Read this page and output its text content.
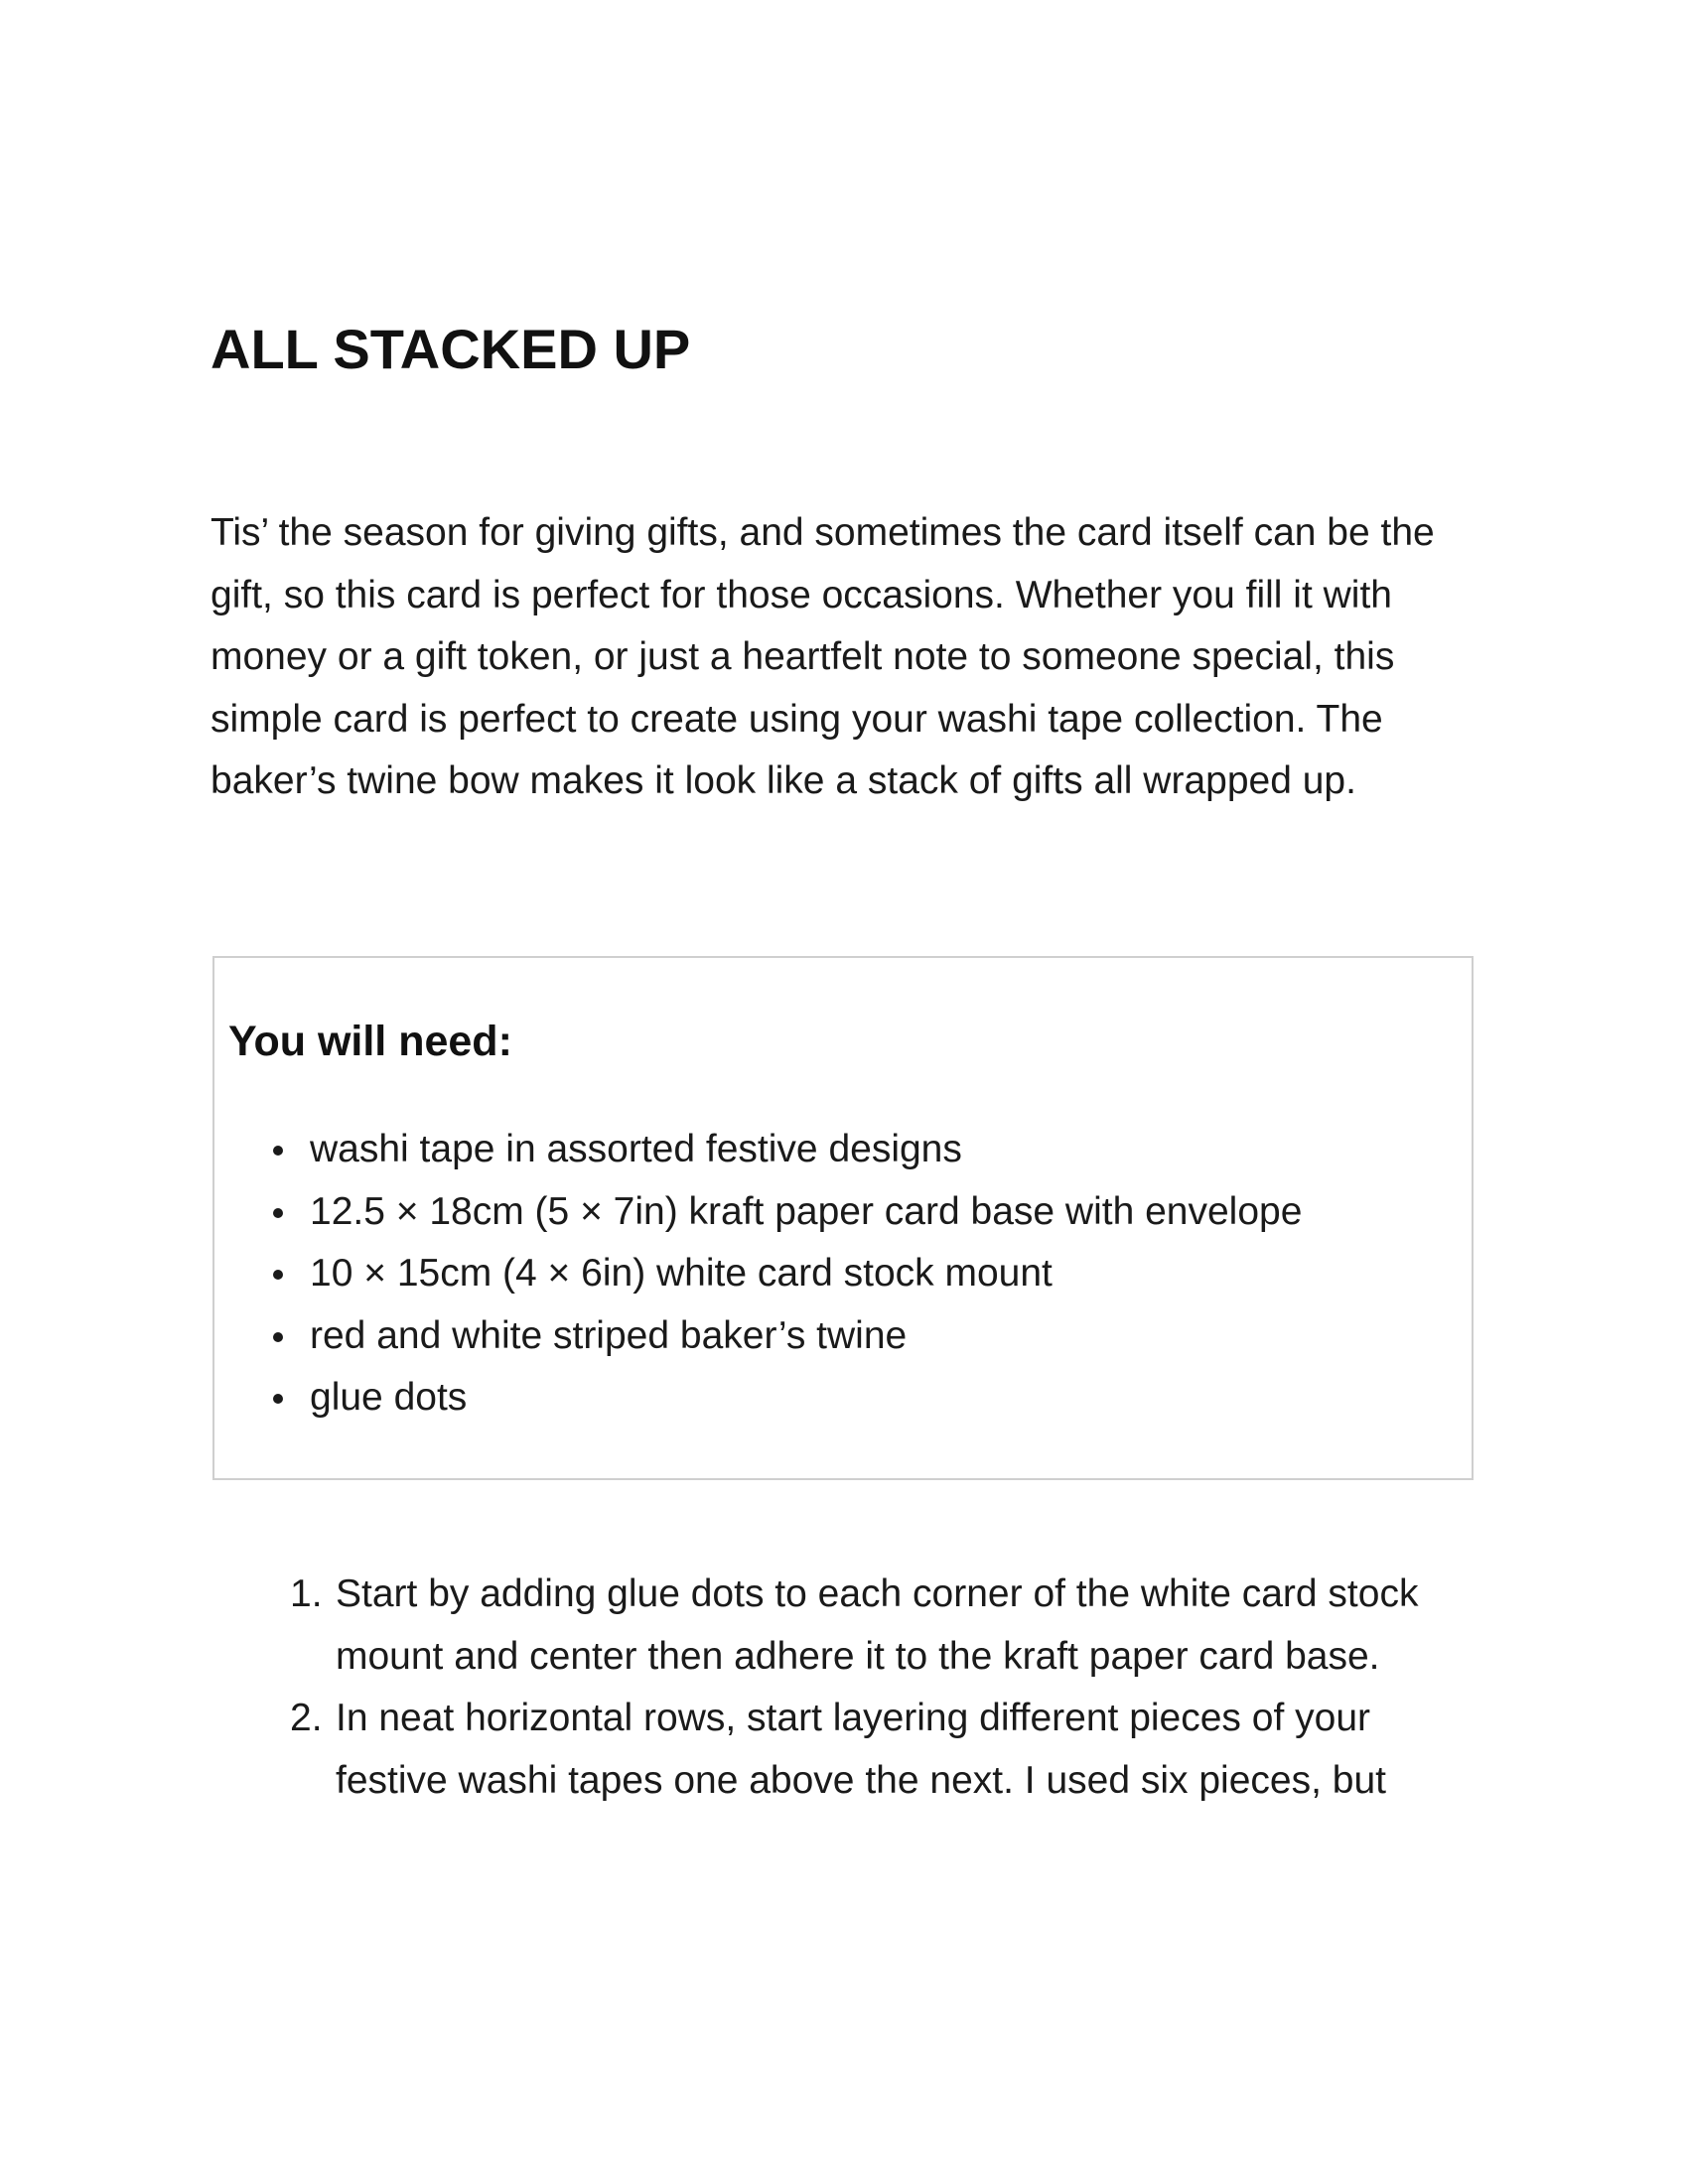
ALL STACKED UP

Tis’ the season for giving gifts, and sometimes the card itself can be the gift, so this card is perfect for those occasions. Whether you fill it with money or a gift token, or just a heartfelt note to someone special, this simple card is perfect to create using your washi tape collection. The baker’s twine bow makes it look like a stack of gifts all wrapped up.

You will need:
washi tape in assorted festive designs
12.5 × 18cm (5 × 7in) kraft paper card base with envelope
10 × 15cm (4 × 6in) white card stock mount
red and white striped baker’s twine
glue dots
1. Start by adding glue dots to each corner of the white card stock mount and center then adhere it to the kraft paper card base.
2. In neat horizontal rows, start layering different pieces of your festive washi tapes one above the next. I used six pieces, but
